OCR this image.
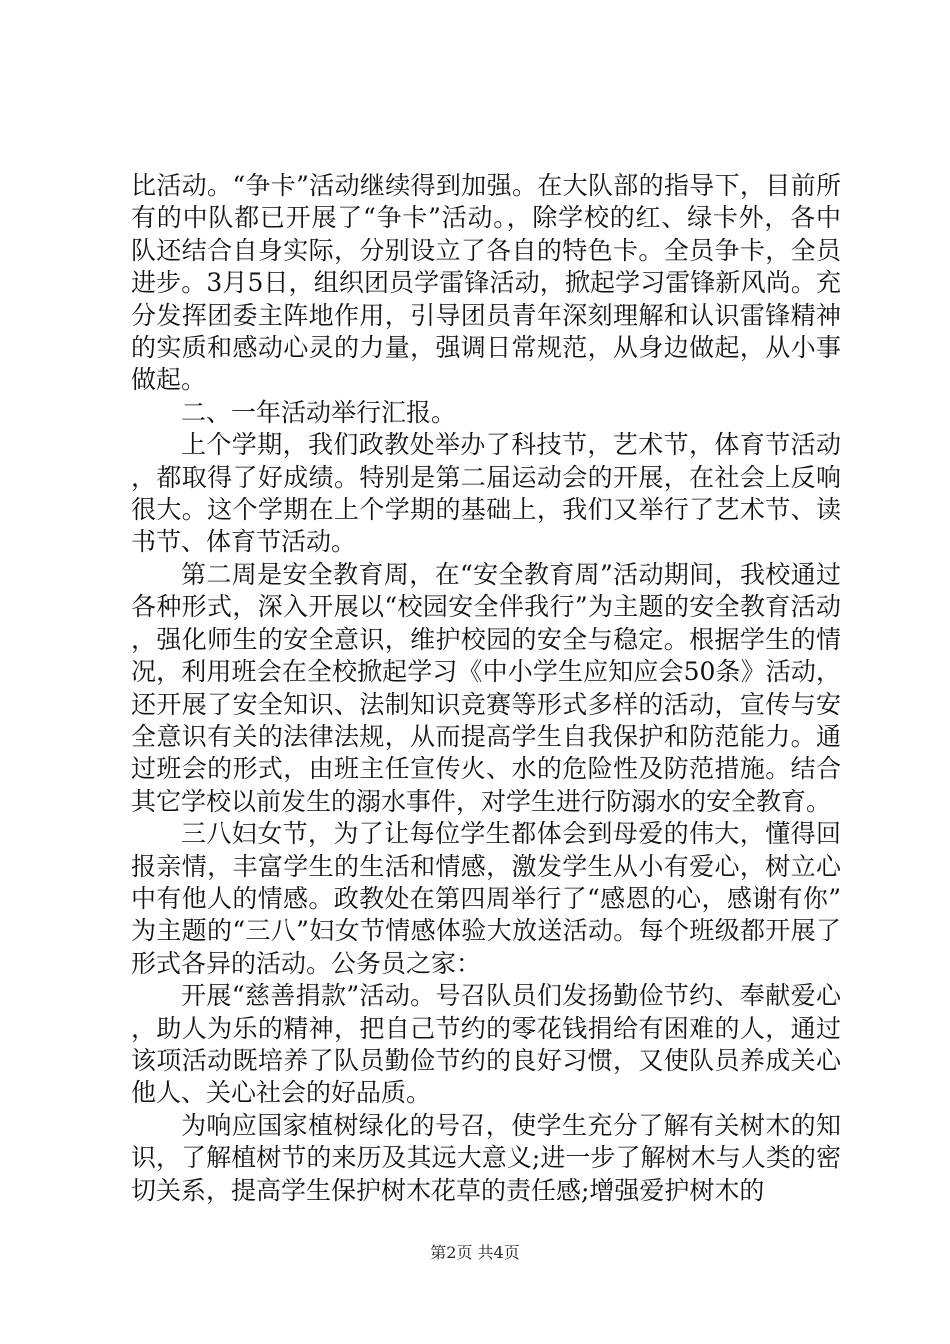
比活动。“争卡”活动继续得到加强。在大队部的指导下，目前所有的中队都已开展了“争卡”活动。，除学校的红、绿卡外，各中队还结合自身实际，分别设立了各自的特色卡。全员争卡，全员进步。3月5日，组织团员学雷锋活动，掀起学习雷锋新风尚。充分发挥团委主阵地作用，引导团员青年深刻理解和认识雷锋精神的实质和感动心灵的力量，强调日常规范，从身边做起，从小事做起。

二、一年活动举行汇报。

上个学期，我们政教处举办了科技节，艺术节，体育节活动，都取得了好成绩。特别是第二届运动会的开展，在社会上反响很大。这个学期在上个学期的基础上，我们又举行了艺术节、读书节、体育节活动。

第二周是安全教育周，在“安全教育周”活动期间，我校通过各种形式，深入开展以“校园安全伴我行”为主题的安全教育活动，强化师生的安全意识，维护校园的安全与稳定。根据学生的情况，利用班会在全校掀起学习《中小学生应知应会50条》活动，还开展了安全知识、法制知识竞赛等形式多样的活动，宣传与安全意识有关的法律法规，从而提高学生自我保护和防范能力。通过班会的形式，由班主任宣传火、水的危险性及防范措施。结合其它学校以前发生的溺水事件，对学生进行防溺水的安全教育。

三八妇女节，为了让每位学生都体会到母爱的伟大，懂得回报亲情，丰富学生的生活和情感，激发学生从小有爱心，树立心中有他人的情感。政教处在第四周举行了“感恩的心，感谢有你”为主题的“三八”妇女节情感体验大放送活动。每个班级都开展了形式各异的活动。公务员之家：

开展“慈善捐款”活动。号召队员们发扬勤俭节约、奉献爱心，助人为乐的精神，把自己节约的零花钱捐给有困难的人，通过该项活动既培养了队员勤俭节约的良好习惯，又使队员养成关心他人、关心社会的好品质。

为响应国家植树绿化的号召，使学生充分了解有关树木的知识，了解植树节的来历及其远大意义;进一步了解树木与人类的密切关系，提高学生保护树木花草的责任感;增强爱护树木的

第2页 共4页
